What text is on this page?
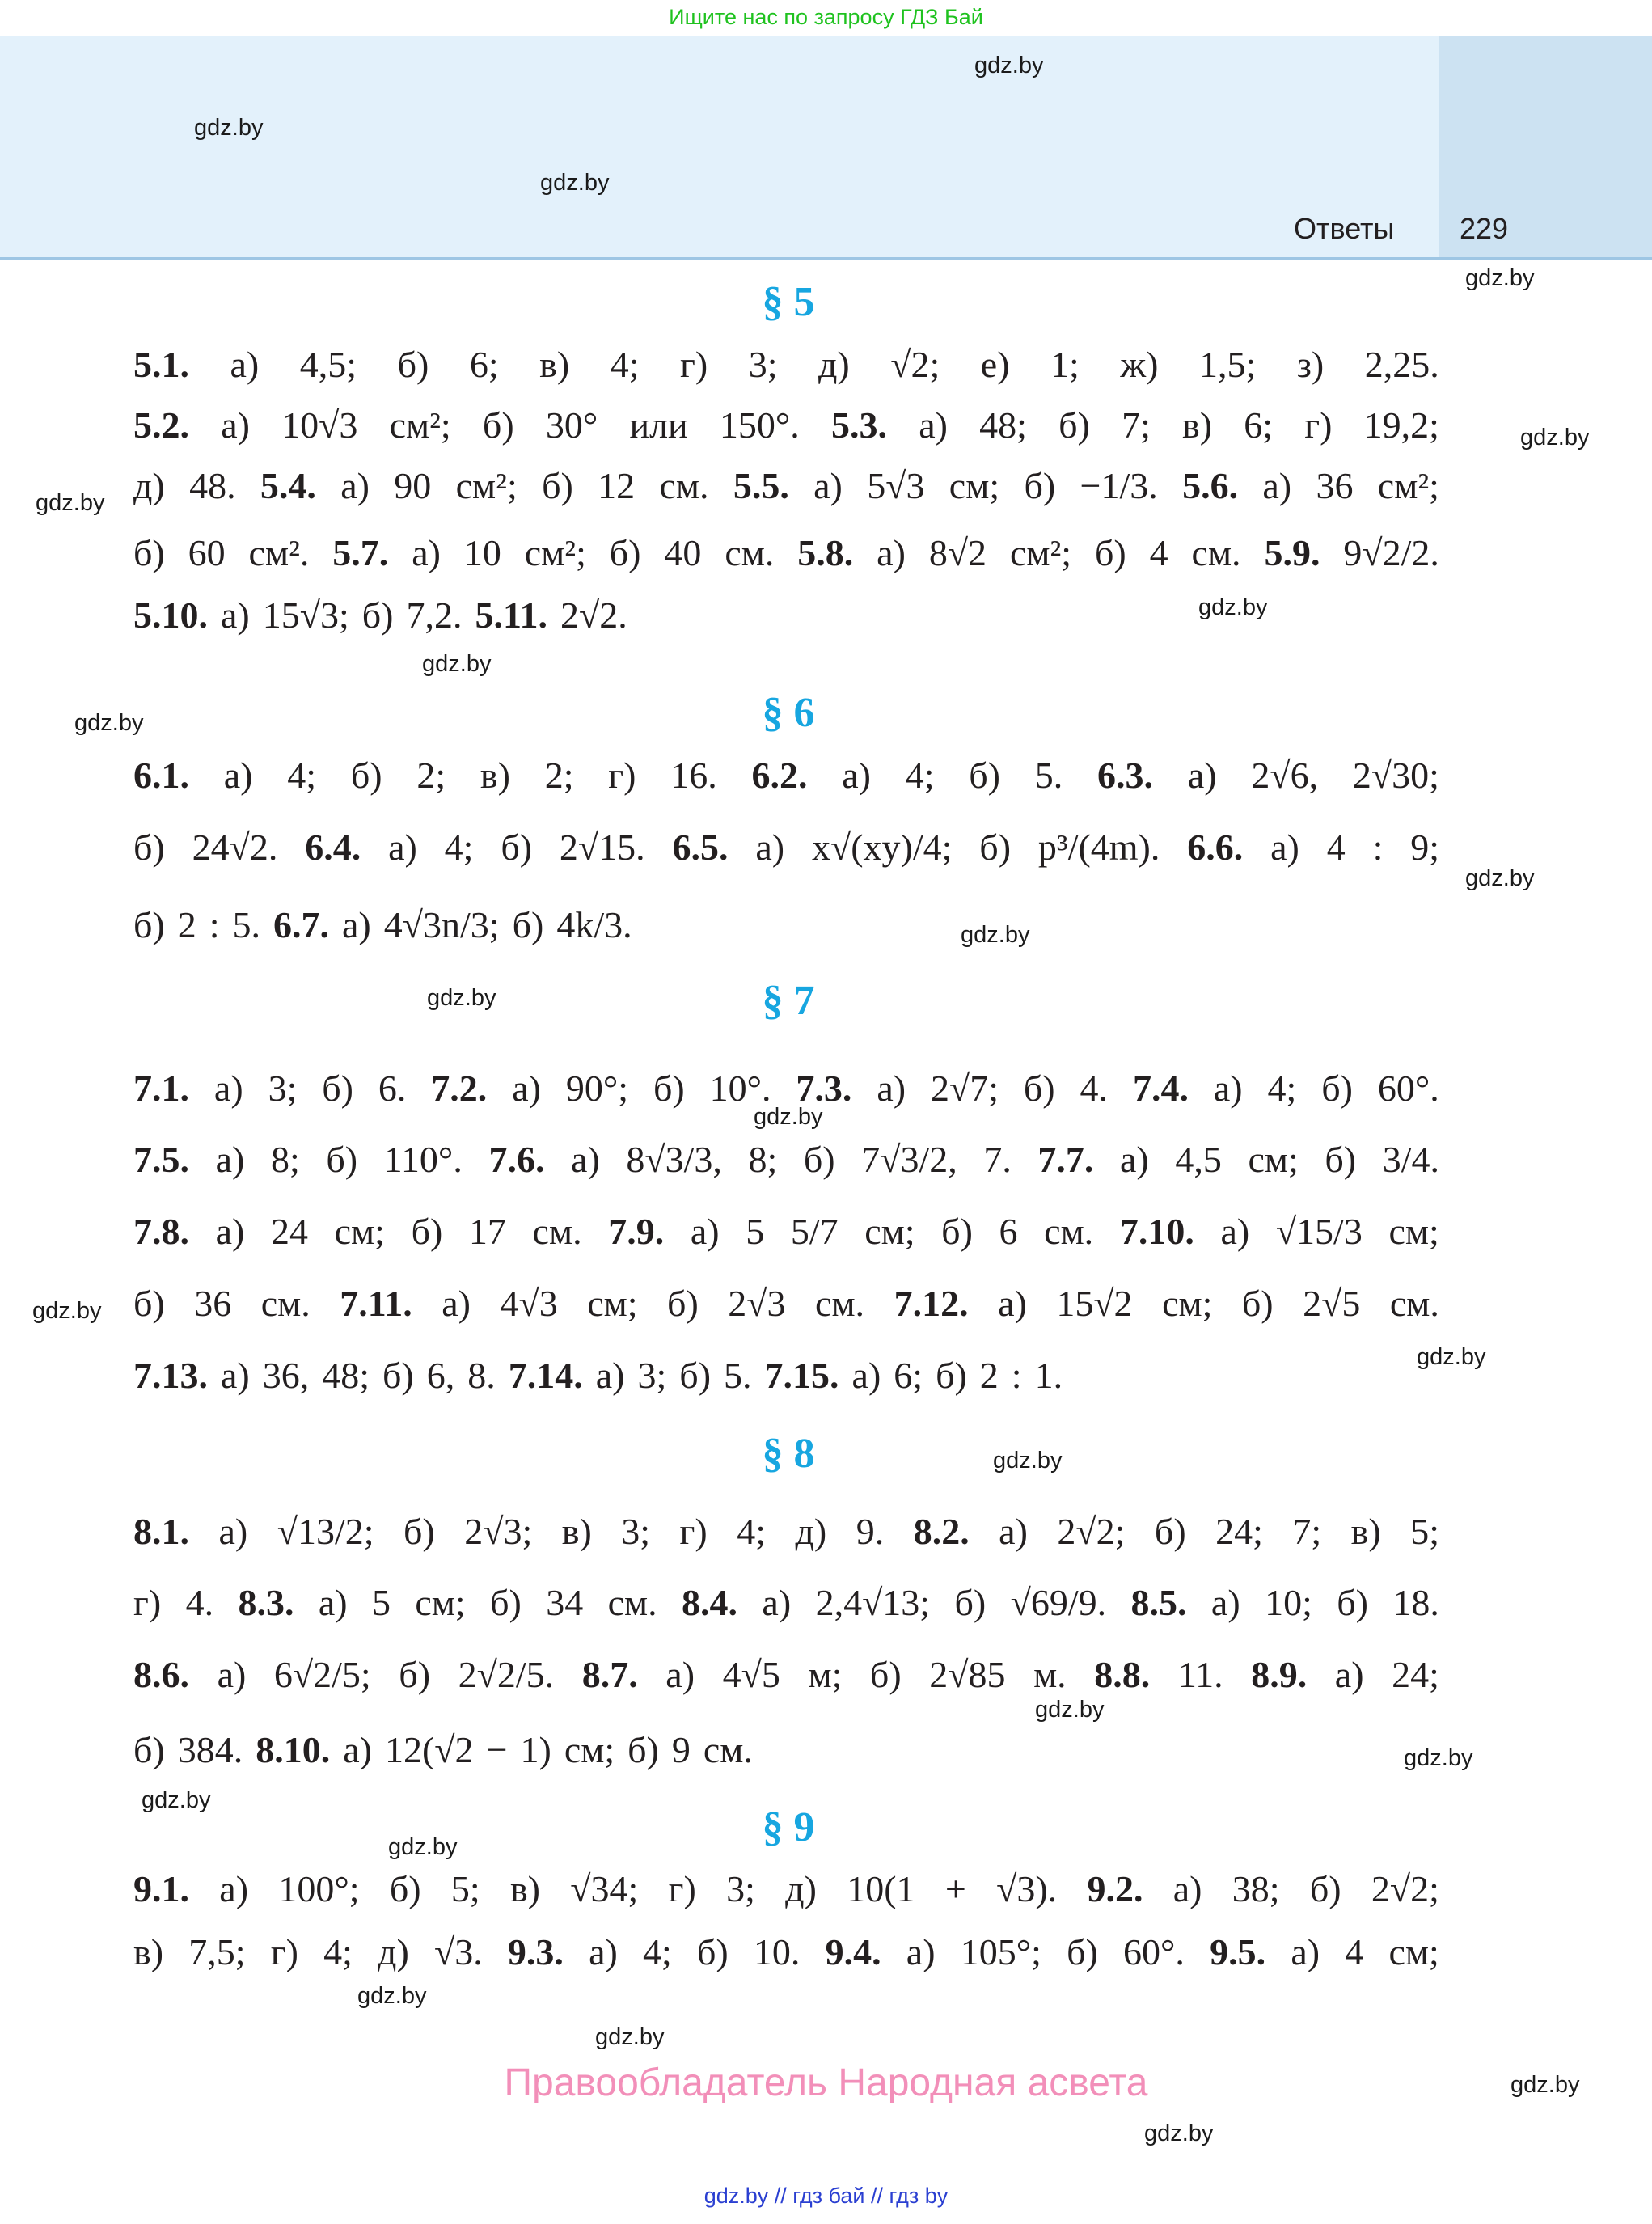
Ищите нас по запросу ГДЗ Бай
Ответы 229
gdz.by
gdz.by
gdz.by
gdz.by
gdz.by
gdz.by
gdz.by
gdz.by
gdz.by
gdz.by
gdz.by
gdz.by
gdz.by
gdz.by
gdz.by
gdz.by
gdz.by
gdz.by
gdz.by
gdz.by
gdz.by
gdz.by
gdz.by
gdz.by
§ 5
5.1. а) 4,5; б) 6; в) 4; г) 3; д) √2; е) 1; ж) 1,5; з) 2,25.
5.2. а) 10√3 см²; б) 30° или 150°. 5.3. а) 48; б) 7; в) 6; г) 19,2;
д) 48. 5.4. а) 90 см²; б) 12 см. 5.5. а) 5√3 см; б) −1/3. 5.6. а) 36 см²;
б) 60 см². 5.7. а) 10 см²; б) 40 см. 5.8. а) 8√2 см²; б) 4 см. 5.9. 9√2/2.
5.10. а) 15√3; б) 7,2. 5.11. 2√2.
§ 6
6.1. а) 4; б) 2; в) 2; г) 16. 6.2. а) 4; б) 5. 6.3. а) 2√6, 2√30;
б) 24√2. 6.4. а) 4; б) 2√15. 6.5. а) x√(xy)/4; б) p³/(4m). 6.6. а) 4 : 9;
б) 2 : 5. 6.7. а) 4√3n/3; б) 4k/3.
§ 7
7.1. а) 3; б) 6. 7.2. а) 90°; б) 10°. 7.3. а) 2√7; б) 4. 7.4. а) 4; б) 60°.
7.5. а) 8; б) 110°. 7.6. а) 8√3/3, 8; б) 7√3/2, 7. 7.7. а) 4,5 см; б) 3/4.
7.8. а) 24 см; б) 17 см. 7.9. а) 5 5/7 см; б) 6 см. 7.10. а) √15/3 см;
б) 36 см. 7.11. а) 4√3 см; б) 2√3 см. 7.12. а) 15√2 см; б) 2√5 см.
7.13. а) 36, 48; б) 6, 8. 7.14. а) 3; б) 5. 7.15. а) 6; б) 2 : 1.
§ 8
8.1. а) √13/2; б) 2√3; в) 3; г) 4; д) 9. 8.2. а) 2√2; б) 24; 7; в) 5;
г) 4. 8.3. а) 5 см; б) 34 см. 8.4. а) 2,4√13; б) √69/9. 8.5. а) 10; б) 18.
8.6. а) 6√2/5; б) 2√2/5. 8.7. а) 4√5 м; б) 2√85 м. 8.8. 11. 8.9. а) 24;
б) 384. 8.10. а) 12(√2 − 1) см; б) 9 см.
§ 9
9.1. а) 100°; б) 5; в) √34; г) 3; д) 10(1 + √3). 9.2. а) 38; б) 2√2;
в) 7,5; г) 4; д) √3. 9.3. а) 4; б) 10. 9.4. а) 105°; б) 60°. 9.5. а) 4 см;
Правообладатель Народная асвета
gdz.by // гдз бай // гдз by
